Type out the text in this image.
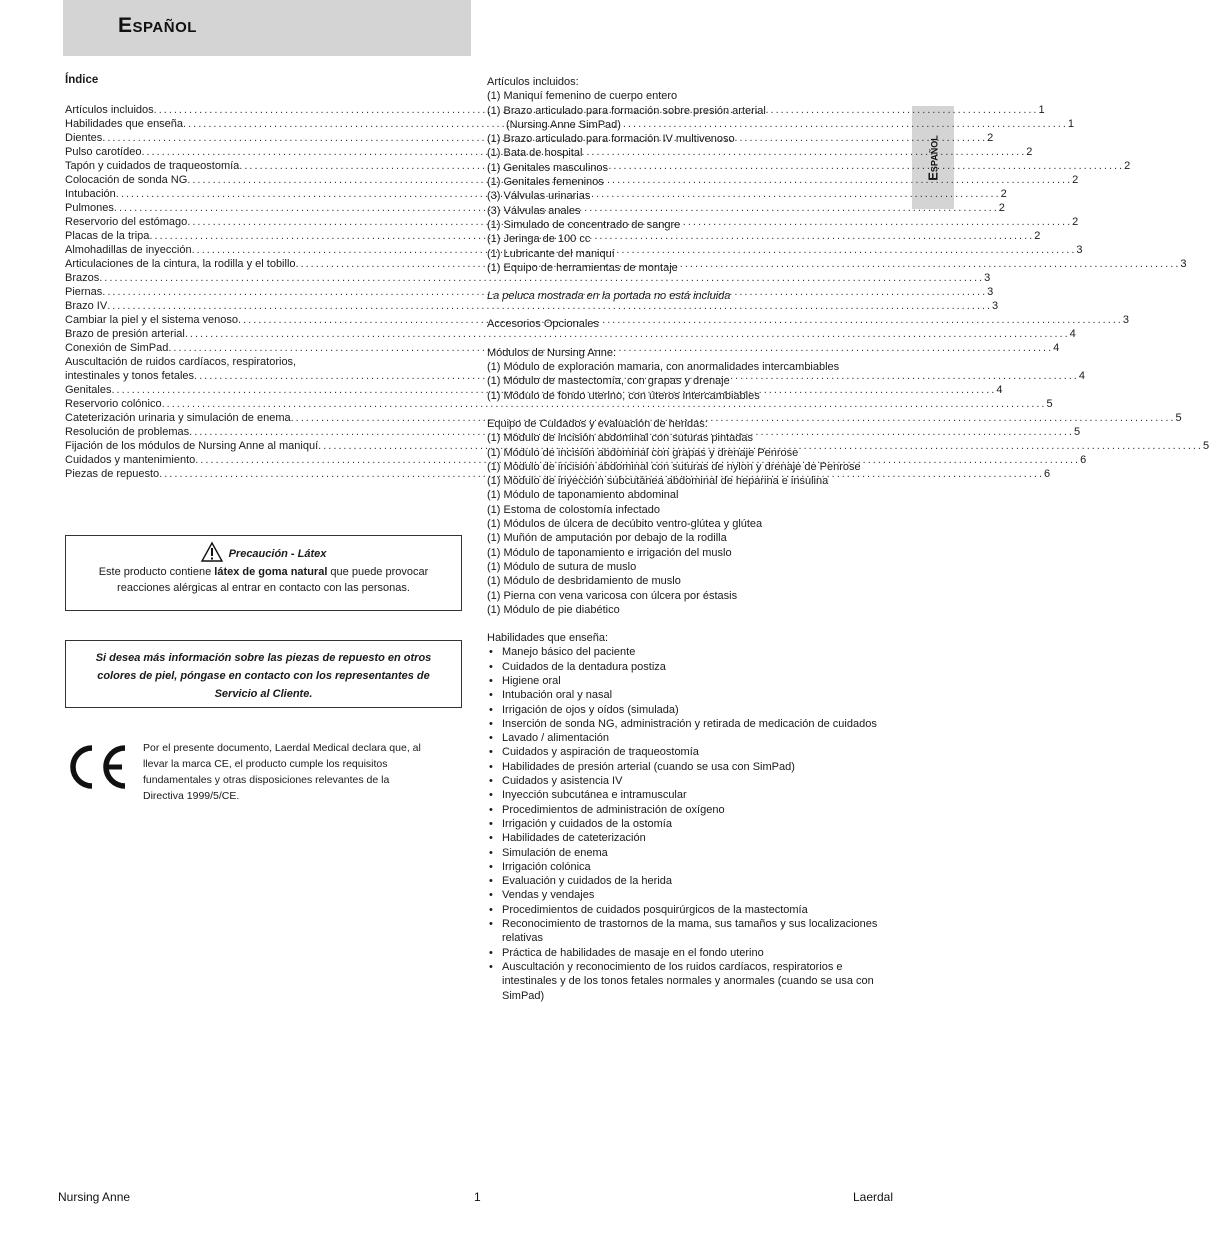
Español
Español
Índice
Artículos incluidos .....	1
Habilidades que enseña .....	1
Dientes .....	2
Pulso carotídeo .....	2
Tapón y cuidados de traqueostomía .....	2
Colocación de sonda NG .....	2
Intubación .....	2
Pulmones .....	2
Reservorio del estómago .....	2
Placas de la tripa .....	2
Almohadillas de inyección .....	3
Articulaciones de la cintura, la rodilla y el tobillo .....	3
Brazos .....	3
Piernas .....	3
Brazo IV .....	3
Cambiar la piel y el sistema venoso .....	3
Brazo de presión arterial .....	4
Conexión de SimPad .....	4
Auscultación de ruidos cardíacos, respiratorios,
intestinales y tonos fetales .....	4
Genitales .....	4
Reservorio colónico .....	5
Cateterización urinaria y simulación de enema .....	5
Resolución de problemas .....	5
Fijación de los módulos de Nursing Anne al maniquí .....	5
Cuidados y mantenimiento .....	6
Piezas de repuesto .....	6
Precaución - Látex
Este producto contiene látex de goma natural que puede provocar reacciones alérgicas al entrar en contacto con las personas.
Si desea más información sobre las piezas de repuesto en otros colores de piel, póngase en contacto con los representantes de Servicio al Cliente.
Por el presente documento, Laerdal Medical declara que, al llevar la marca CE, el producto cumple los requisitos fundamentales y otras disposiciones relevantes de la Directiva 1999/5/CE.
Artículos incluidos:
(1) Maniquí femenino de cuerpo entero
(1) Brazo articulado para formación sobre presión arterial
(Nursing Anne SimPad)
(1) Brazo articulado para formación IV multivenoso
(1) Bata de hospital
(1) Genitales masculinos
(1) Genitales femeninos
(3) Válvulas urinarias
(3) Válvulas anales
(1) Simulado de concentrado de sangre
(1) Jeringa de 100 cc
(1) Lubricante del maniquí
(1) Equipo de herramientas de montaje
La peluca mostrada en la portada no está incluida
Accesorios Opcionales
Módulos de Nursing Anne:
(1) Módulo de exploración mamaria, con anormalidades intercambiables
(1) Módulo de mastectomía, con grapas y drenaje
(1) Módulo de fondo uterino, con úteros intercambiables
Equipo de Cuidados y evaluación de heridas:
(1) Módulo de incisión abdominal con suturas pintadas
(1) Módulo de incisión abdominal con grapas y drenaje Penrose
(1) Módulo de incisión abdominal con suturas de nylon y drenaje de Penrose
(1) Módulo de inyección subcutánea abdominal de heparina e insulina
(1) Módulo de taponamiento abdominal
(1) Estoma de colostomía infectado
(1) Módulos de úlcera de decúbito ventro-glútea y glútea
(1) Muñón de amputación por debajo de la rodilla
(1) Módulo de taponamiento e irrigación del muslo
(1) Módulo de sutura de muslo
(1) Módulo de desbridamiento de muslo
(1) Pierna con vena varicosa con úlcera por éstasis
(1) Módulo de pie diabético
Habilidades que enseña:
• Manejo básico del paciente
• Cuidados de la dentadura postiza
• Higiene oral
• Intubación oral y nasal
• Irrigación de ojos y oídos (simulada)
• Inserción de sonda NG, administración y retirada de medicación de cuidados
• Lavado / alimentación
• Cuidados y aspiración de traqueostomía
• Habilidades de presión arterial (cuando se usa con SimPad)
• Cuidados y asistencia IV
• Inyección subcutánea e intramuscular
• Procedimientos de administración de oxígeno
• Irrigación y cuidados de la ostomía
• Habilidades de cateterización
• Simulación de enema
• Irrigación colónica
• Evaluación y cuidados de la herida
• Vendas y vendajes
• Procedimientos de cuidados posquirúrgicos de la mastectomía
• Reconocimiento de trastornos de la mama, sus tamaños y sus localizaciones relativas
• Práctica de habilidades de masaje en el fondo uterino
• Auscultación y reconocimiento de los ruidos cardíacos, respiratorios e intestinales y de los tonos fetales normales y anormales (cuando se usa con SimPad)
Nursing Anne	1	Laerdal
